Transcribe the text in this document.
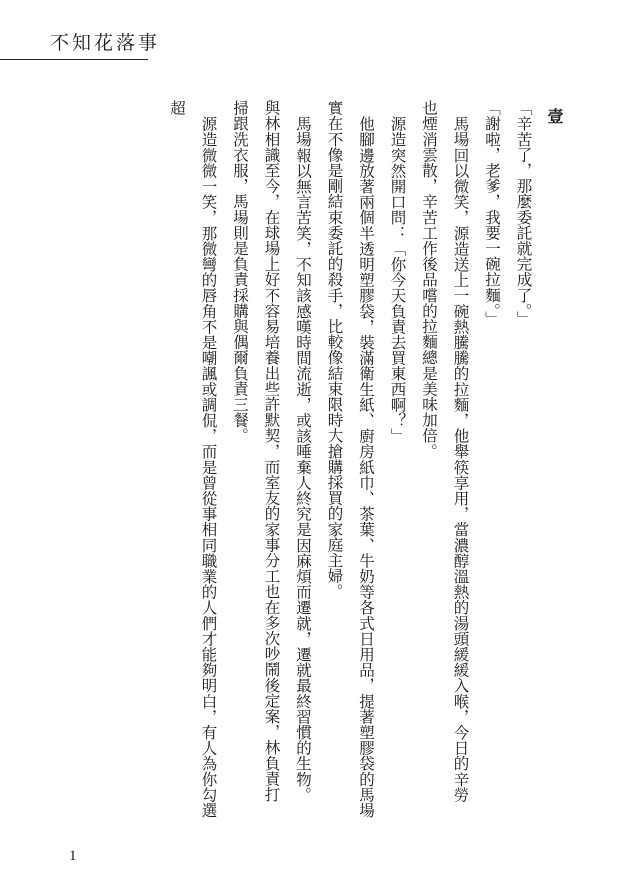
不知花落事

壹

「辛苦了，那麼委託就完成了。」

「謝啦，老爹，我要一碗拉麵。」

馬場回以微笑，源造送上一碗熱騰騰的拉麵，他舉筷享用，當濃醇溫熱的湯頭緩緩入喉，今日的辛勞也煙消雲散，辛苦工作後品嚐的拉麵總是美味加倍。

源造突然開口問：「你今天負責去買東西啊？」

他腳邊放著兩個半透明塑膠袋，裝滿衛生紙、廚房紙巾、茶葉、牛奶等各式日用品，提著塑膠袋的馬場實在不像是剛結束委託的殺手，比較像結束限時大搶購採買的家庭主婦。

馬場報以無言苦笑，不知該感嘆時間流逝，或該唾棄人終究是因麻煩而遷就，遷就最終習慣的生物。與林相識至今，在球場上好不容易培養出些許默契，而室友的家事分工也在多次吵鬧後定案，林負責打掃跟洗衣服，馬場則是負責採購與偶爾負責三餐。

源造微微一笑，那微彎的唇角不是嘲諷或調侃，而是曾從事相同職業的人們才能夠明白，有人為你勾選超

1
